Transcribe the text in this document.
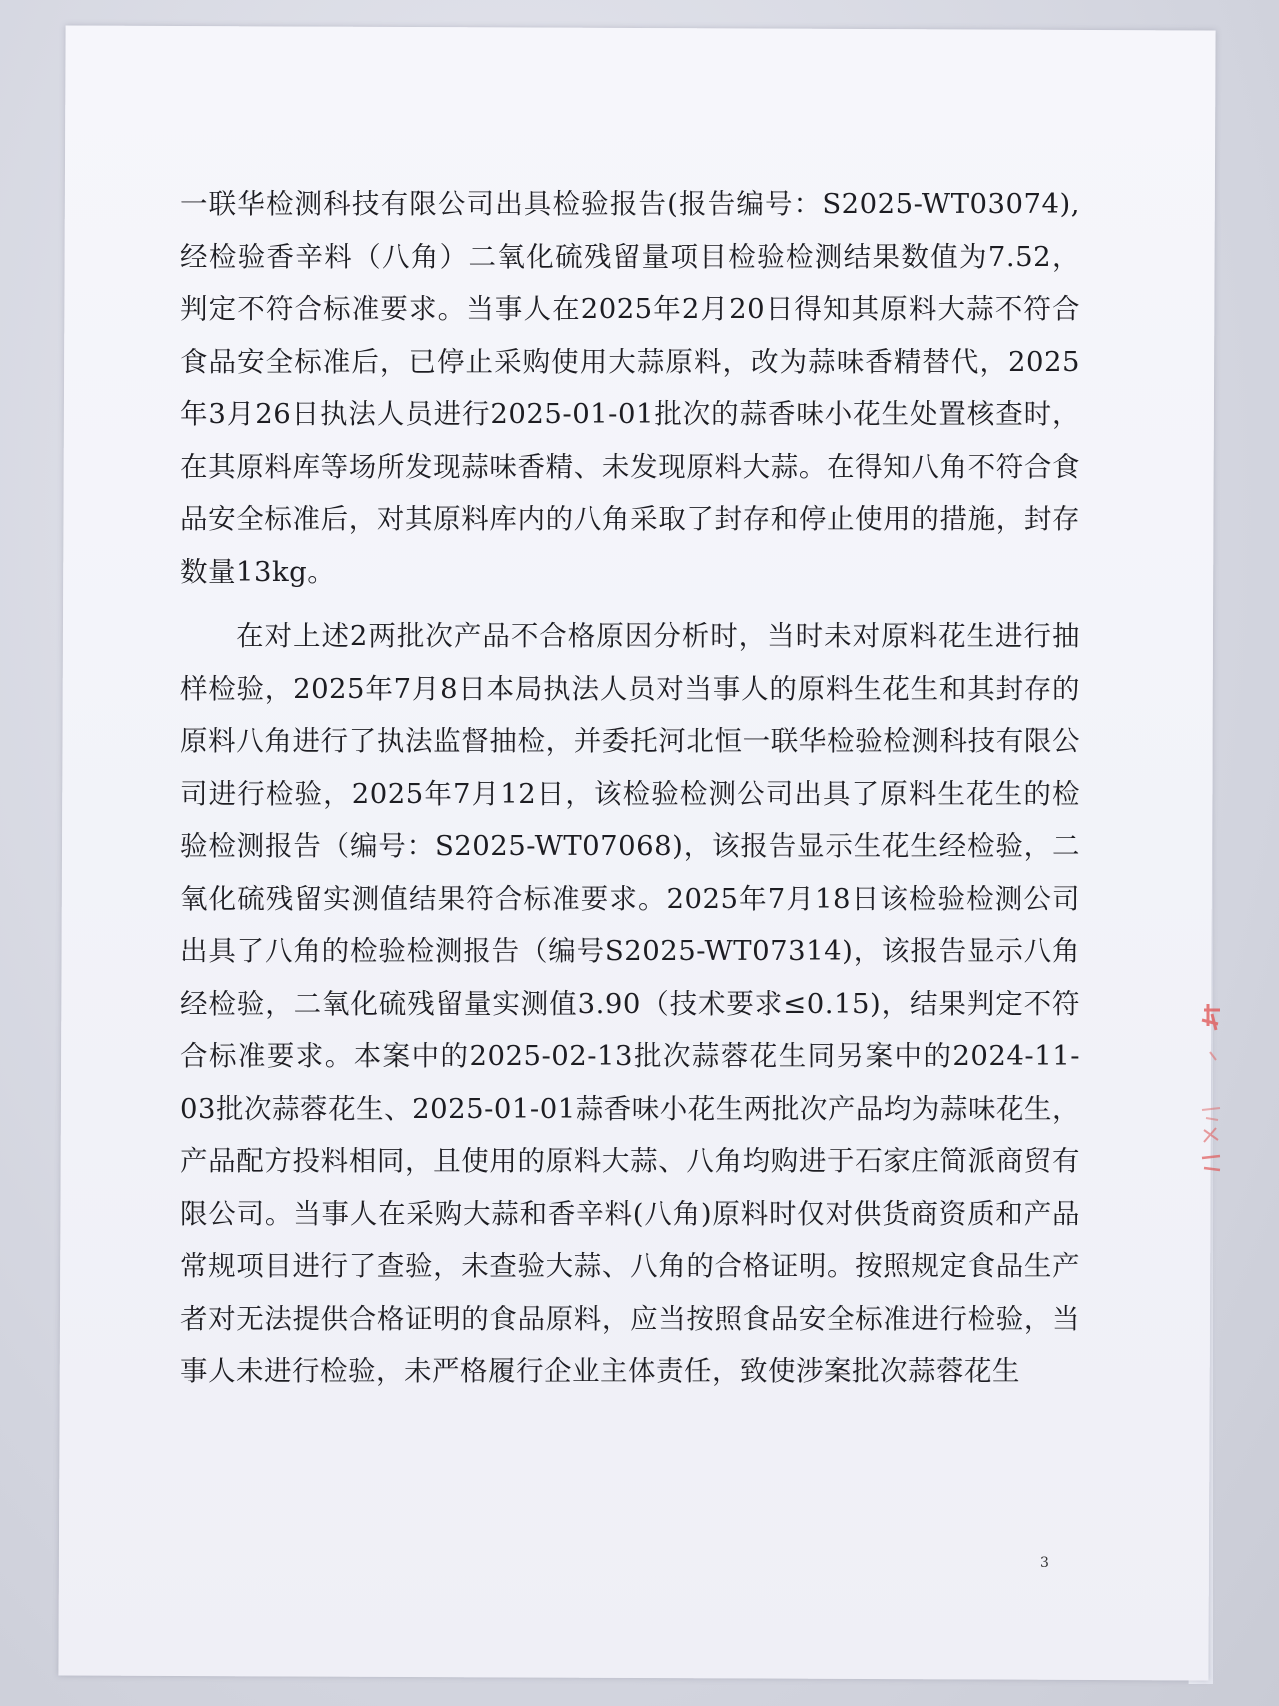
一联华检测科技有限公司出具检验报告(报告编号：S2025-WT03074),经检验香辛料（八角）二氧化硫残留量项目检验检测结果数值为7.52，判定不符合标准要求。当事人在2025年2月20日得知其原料大蒜不符合食品安全标准后，已停止采购使用大蒜原料，改为蒜味香精替代，2025年3月26日执法人员进行2025-01-01批次的蒜香味小花生处置核查时，在其原料库等场所发现蒜味香精、未发现原料大蒜。在得知八角不符合食品安全标准后，对其原料库内的八角采取了封存和停止使用的措施，封存数量13kg。

在对上述2两批次产品不合格原因分析时，当时未对原料花生进行抽样检验，2025年7月8日本局执法人员对当事人的原料生花生和其封存的原料八角进行了执法监督抽检，并委托河北恒一联华检验检测科技有限公司进行检验，2025年7月12日，该检验检测公司出具了原料生花生的检验检测报告（编号：S2025-WT07068)，该报告显示生花生经检验，二氧化硫残留实测值结果符合标准要求。2025年7月18日该检验检测公司出具了八角的检验检测报告（编号S2025-WT07314)，该报告显示八角经检验，二氧化硫残留量实测值3.90（技术要求≤0.15)，结果判定不符合标准要求。本案中的2025-02-13批次蒜蓉花生同另案中的2024-11-03批次蒜蓉花生、2025-01-01蒜香味小花生两批次产品均为蒜味花生，产品配方投料相同，且使用的原料大蒜、八角均购进于石家庄简派商贸有限公司。当事人在采购大蒜和香辛料(八角)原料时仅对供货商资质和产品常规项目进行了查验，未查验大蒜、八角的合格证明。按照规定食品生产者对无法提供合格证明的食品原料，应当按照食品安全标准进行检验，当事人未进行检验，未严格履行企业主体责任，致使涉案批次蒜蓉花生

3
